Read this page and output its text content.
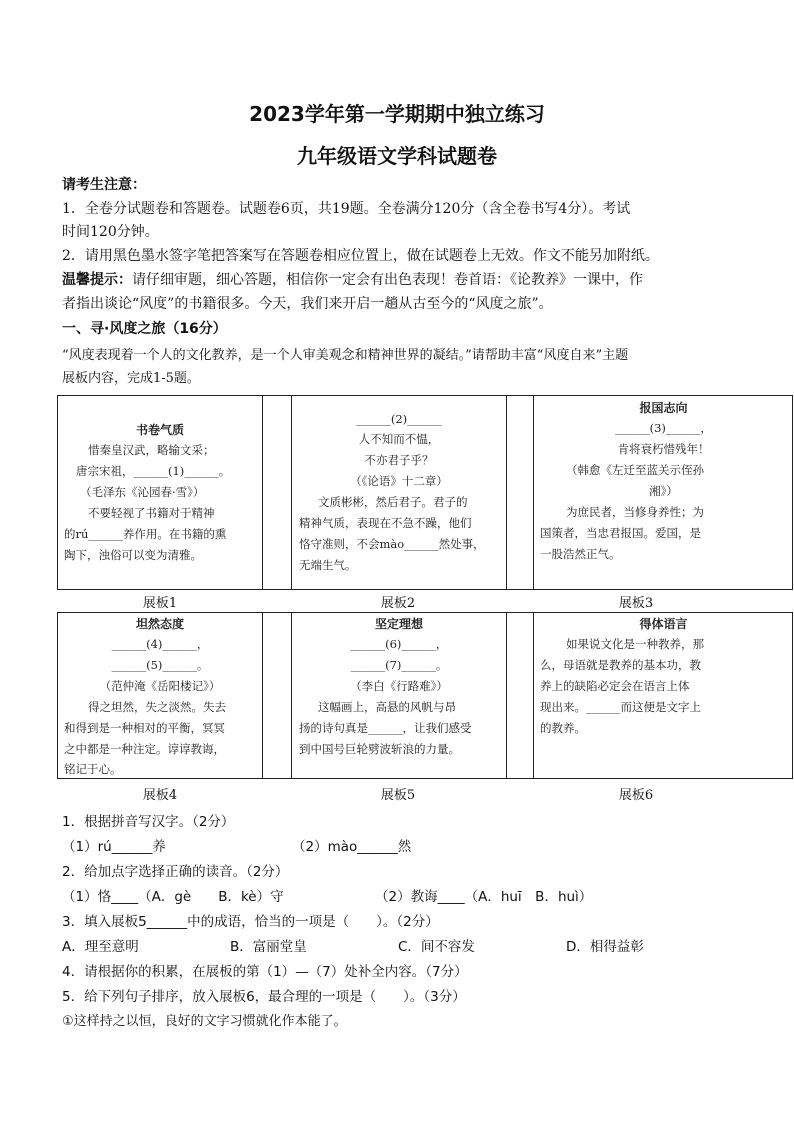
2023学年第一学期期中独立练习
九年级语文学科试题卷
请考生注意：
1．全卷分试题卷和答题卷。试题卷6页，共19题。全卷满分120分（含全卷书写4分）。考试
时间120分钟。
2．请用黑色墨水签字笔把答案写在答题卷相应位置上，做在试题卷上无效。作文不能另加附纸。
温馨提示：请仔细审题，细心答题，相信你一定会有出色表现！卷首语：《论教养》一课中，作
者指出谈论“风度”的书籍很多。今天，我们来开启一趟从古至今的“风度之旅”。
一、寻·风度之旅（16分）
“风度表现着一个人的文化教养，是一个人审美观念和精神世界的凝结。”请帮助丰富“风度自来”主题
展板内容，完成1-5题。
书卷气质
惜秦皇汉武，略输文采；
唐宗宋祖，______(1)______。
（毛泽东《沁园春·雪》）
不要轻视了书籍对于精神
的rú______养作用。在书籍的熏
陶下，浊俗可以变为清雅。
______(2)______
人不知而不愠，
不亦君子乎？
（《论语》十二章）
文质彬彬，然后君子。君子的
精神气质，表现在不急不躁，他们
恪守准则，不会mào______然处事，
无端生气。
报国志向
______(3)______，
肯将衰朽惜残年！
（韩愈《左迁至蓝关示侄孙
湘》）
为庶民者，当修身养性；为
国策者，当忠君报国。爱国，是
一股浩然正气。
展板1	展板2	展板3
坦然态度
______(4)______，
______(5)______。
（范仲淹《岳阳楼记》）
得之坦然，失之淡然。失去
和得到是一种相对的平衡，冥冥
之中都是一种注定。谆谆教诲，
铭记于心。
坚定理想
______(6)______，
______(7)______。
（李白《行路难》）
这幅画上，高悬的风帆与昂
扬的诗句真是______，让我们感受
到中国号巨轮劈波斩浪的力量。
得体语言
如果说文化是一种教养，那
么，母语就是教养的基本功，教
养上的缺陷必定会在语言上体
现出来。______而这便是文字上
的教养。
展板4	展板5	展板6
1．根据拼音写汉字。（2分）
（1）rú______养	（2）mào______然
2．给加点字选择正确的读音。（2分）
（1）恪____（A．gè　　B．kè）守	（2）教诲____（A．huī　B．huì）
3．填入展板5______中的成语，恰当的一项是（　　）。（2分）
A．理至意明	B．富丽堂皇	C．间不容发	D．相得益彰
4．请根据你的积累，在展板的第（1）—（7）处补全内容。（7分）
5．给下列句子排序，放入展板6，最合理的一项是（　　）。（3分）
①这样持之以恒，良好的文字习惯就化作本能了。
